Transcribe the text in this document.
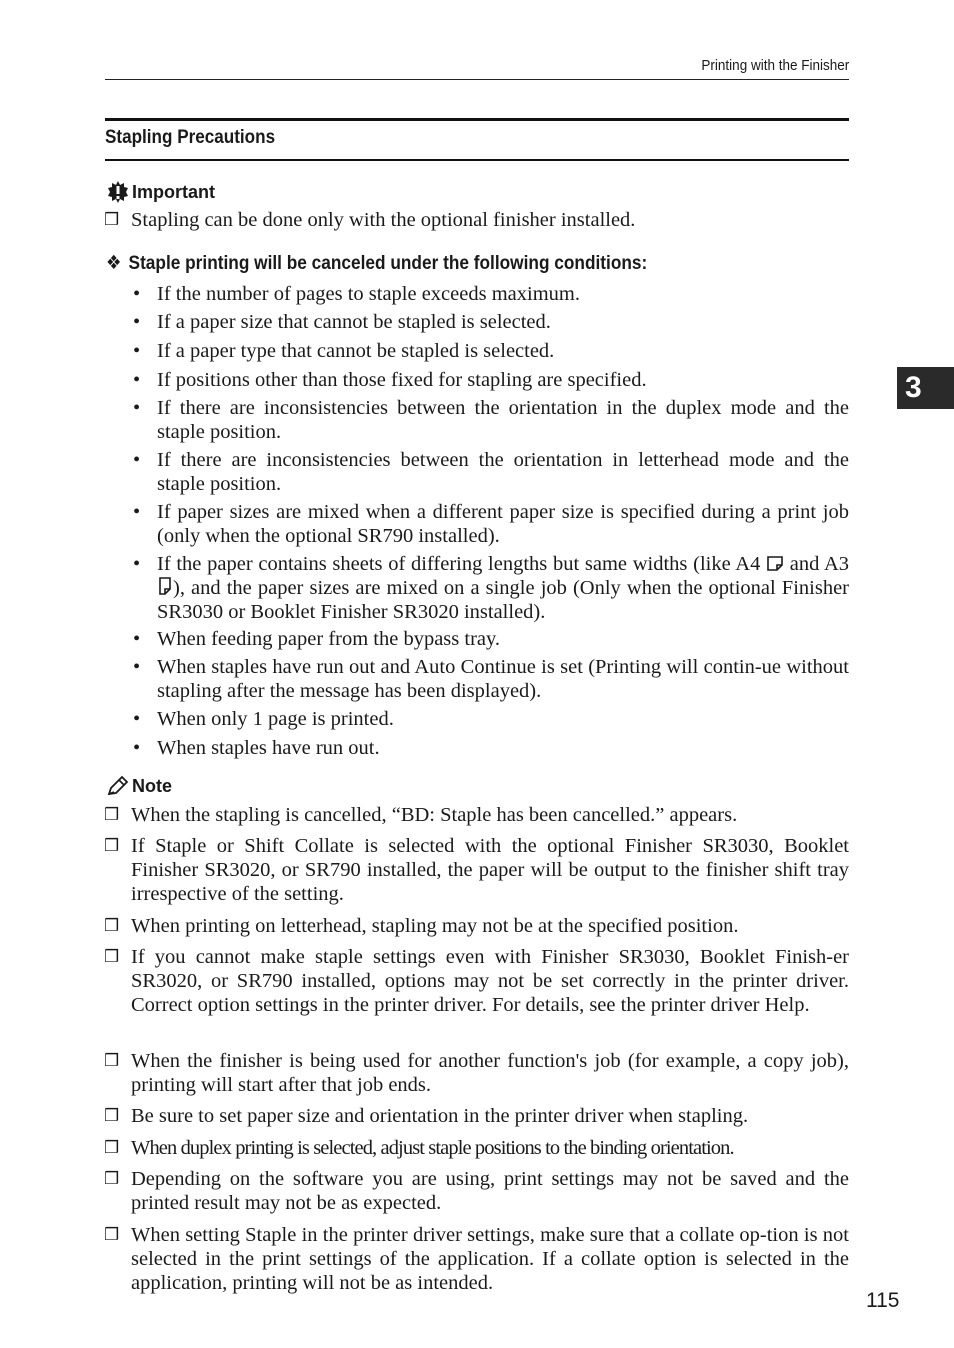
Printing with the Finisher
Stapling Precautions
Important
❒ Stapling can be done only with the optional finisher installed.
❖ Staple printing will be canceled under the following conditions:
• If the number of pages to staple exceeds maximum.
• If a paper size that cannot be stapled is selected.
• If a paper type that cannot be stapled is selected.
• If positions other than those fixed for stapling are specified.
• If there are inconsistencies between the orientation in the duplex mode and the staple position.
• If there are inconsistencies between the orientation in letterhead mode and the staple position.
• If paper sizes are mixed when a different paper size is specified during a print job (only when the optional SR790 installed).
• If the paper contains sheets of differing lengths but same widths (like A4 and A3 ), and the paper sizes are mixed on a single job (Only when the optional Finisher SR3030 or Booklet Finisher SR3020 installed).
• When feeding paper from the bypass tray.
• When staples have run out and Auto Continue is set (Printing will contin-ue without stapling after the message has been displayed).
• When only 1 page is printed.
• When staples have run out.
Note
❒ When the stapling is cancelled, “BD: Staple has been cancelled.” appears.
❒ If Staple or Shift Collate is selected with the optional Finisher SR3030, Booklet Finisher SR3020, or SR790 installed, the paper will be output to the finisher shift tray irrespective of the setting.
❒ When printing on letterhead, stapling may not be at the specified position.
❒ If you cannot make staple settings even with Finisher SR3030, Booklet Finish-er SR3020, or SR790 installed, options may not be set correctly in the printer driver. Correct option settings in the printer driver. For details, see the printer driver Help.
❒ When the finisher is being used for another function's job (for example, a copy job), printing will start after that job ends.
❒ Be sure to set paper size and orientation in the printer driver when stapling.
❒ When duplex printing is selected, adjust staple positions to the binding orientation.
❒ Depending on the software you are using, print settings may not be saved and the printed result may not be as expected.
❒ When setting Staple in the printer driver settings, make sure that a collate op-tion is not selected in the print settings of the application. If a collate option is selected in the application, printing will not be as intended.
3
115
